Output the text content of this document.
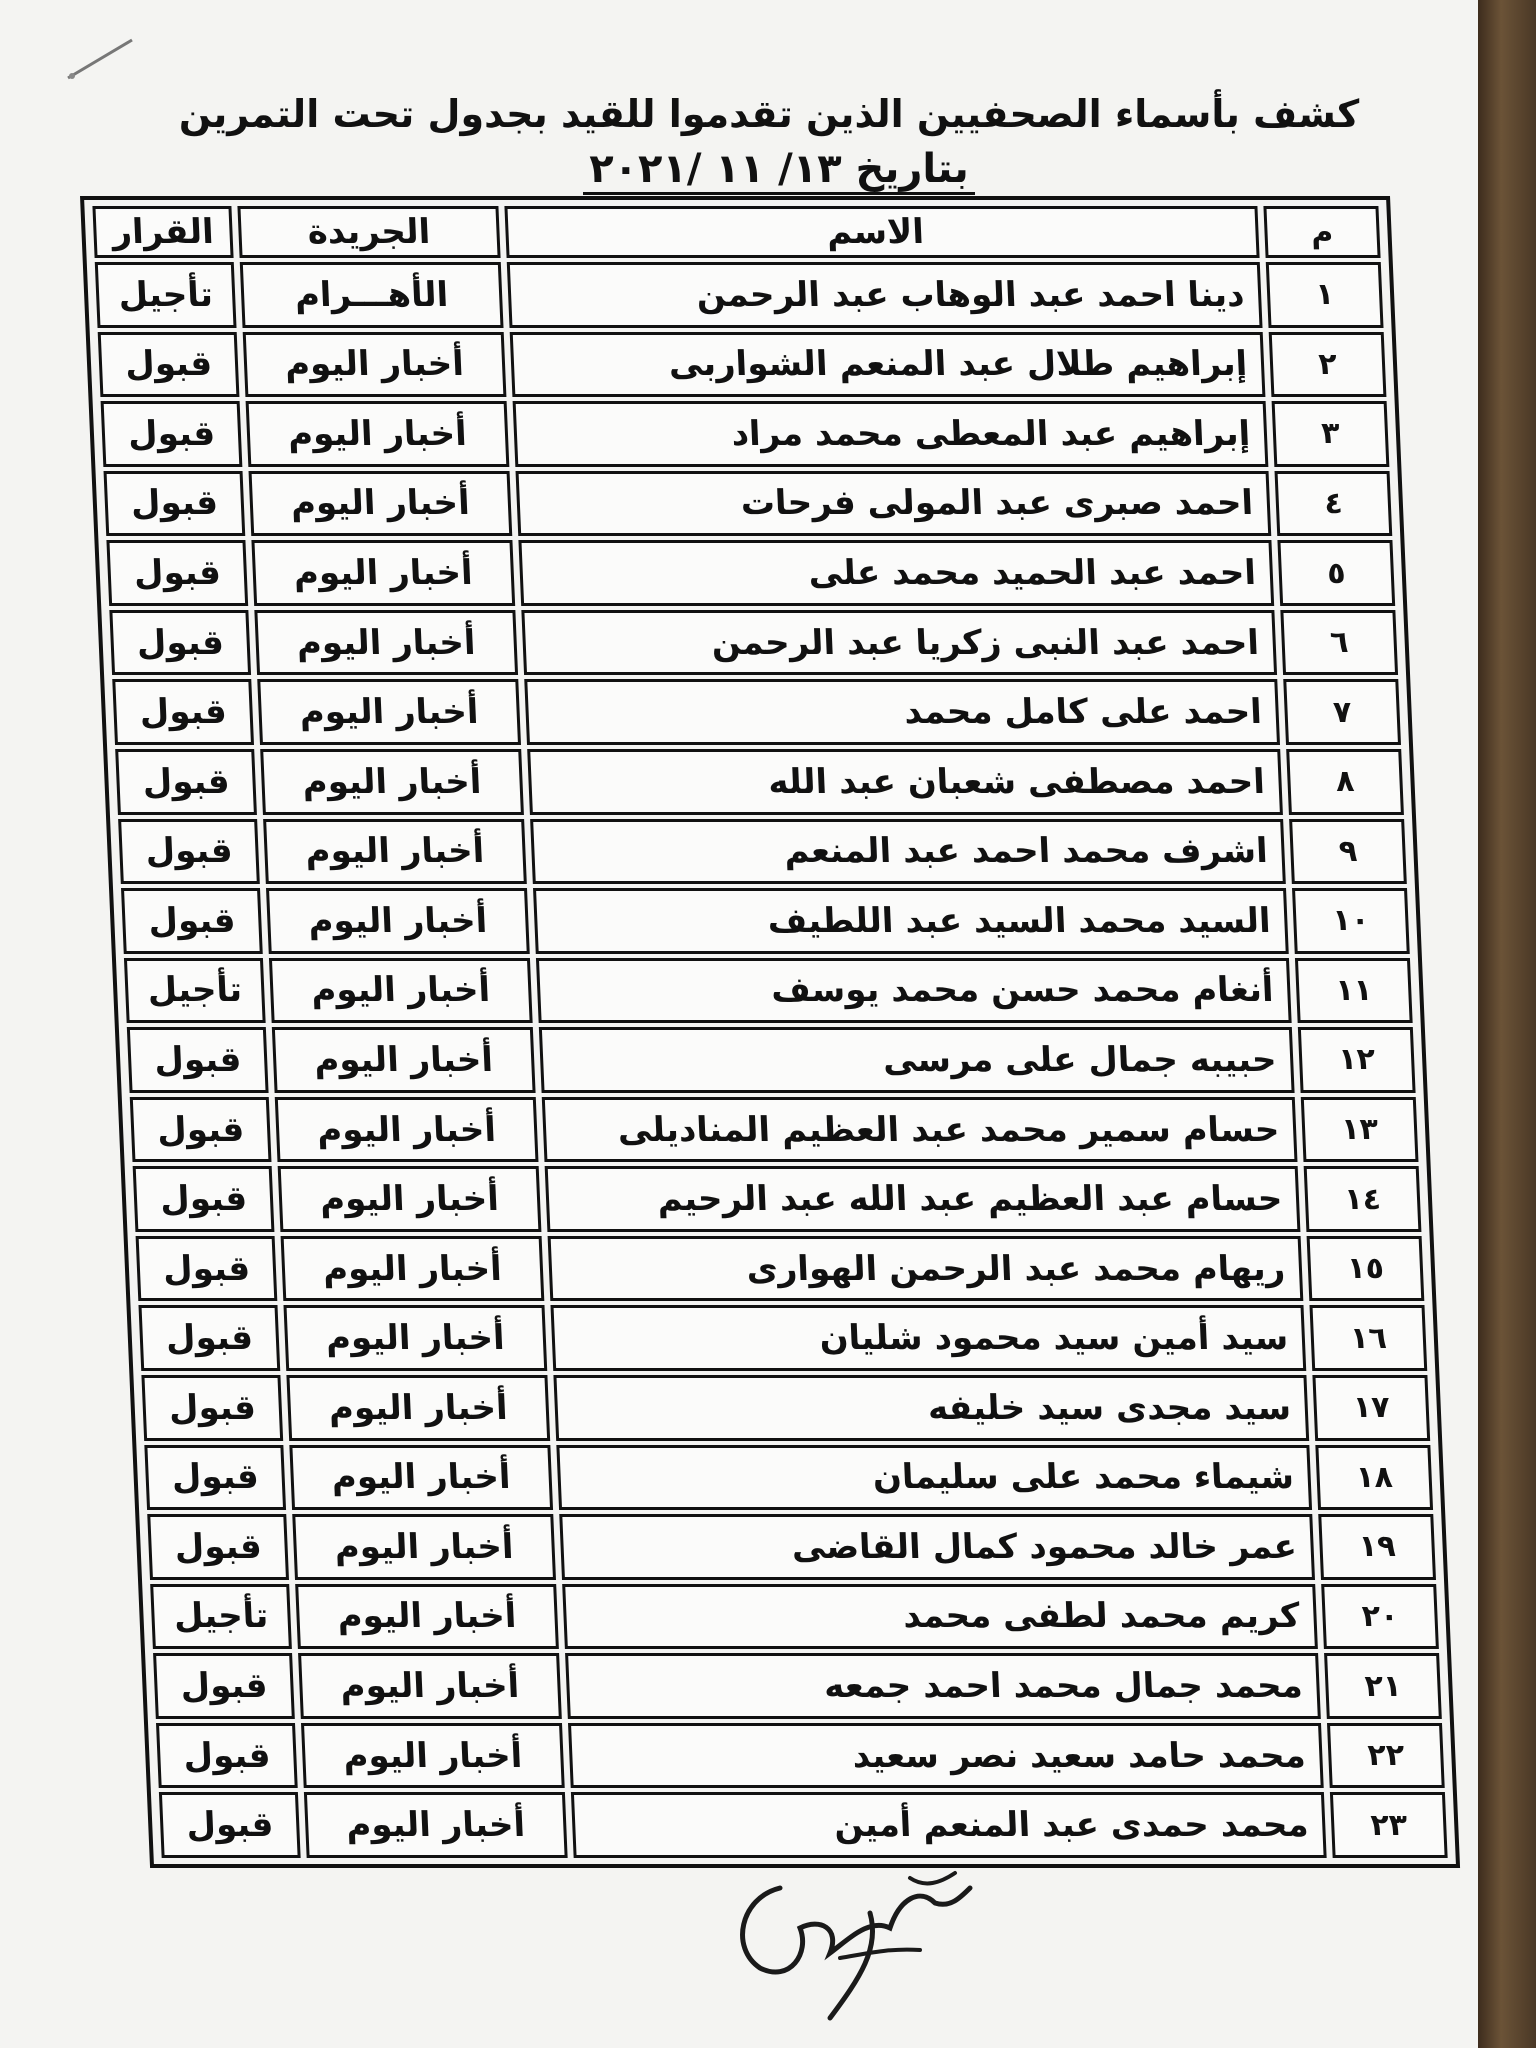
كشف بأسماء الصحفيين الذين تقدموا للقيد بجدول تحت التمرين
بتاريخ ١٣/ ١١ /٢٠٢١
م	الاسم	الجريدة	القرار
١	دينا احمد عبد الوهاب عبد الرحمن	الأهـــرام	تأجيل
٢	إبراهيم طلال عبد المنعم الشواربى	أخبار اليوم	قبول
٣	إبراهيم عبد المعطى محمد مراد	أخبار اليوم	قبول
٤	احمد صبرى عبد المولى فرحات	أخبار اليوم	قبول
٥	احمد عبد الحميد محمد على	أخبار اليوم	قبول
٦	احمد عبد النبى زكريا عبد الرحمن	أخبار اليوم	قبول
٧	احمد على كامل محمد	أخبار اليوم	قبول
٨	احمد مصطفى شعبان عبد الله	أخبار اليوم	قبول
٩	اشرف محمد احمد عبد المنعم	أخبار اليوم	قبول
١٠	السيد محمد السيد عبد اللطيف	أخبار اليوم	قبول
١١	أنغام محمد حسن محمد يوسف	أخبار اليوم	تأجيل
١٢	حبيبه جمال على مرسى	أخبار اليوم	قبول
١٣	حسام سمير محمد عبد العظيم المناديلى	أخبار اليوم	قبول
١٤	حسام عبد العظيم عبد الله عبد الرحيم	أخبار اليوم	قبول
١٥	ريهام محمد عبد الرحمن الهوارى	أخبار اليوم	قبول
١٦	سيد أمين سيد محمود شليان	أخبار اليوم	قبول
١٧	سيد مجدى سيد خليفه	أخبار اليوم	قبول
١٨	شيماء محمد على سليمان	أخبار اليوم	قبول
١٩	عمر خالد محمود كمال القاضى	أخبار اليوم	قبول
٢٠	كريم محمد لطفى محمد	أخبار اليوم	تأجيل
٢١	محمد جمال محمد احمد جمعه	أخبار اليوم	قبول
٢٢	محمد حامد سعيد نصر سعيد	أخبار اليوم	قبول
٢٣	محمد حمدى عبد المنعم أمين	أخبار اليوم	قبول
